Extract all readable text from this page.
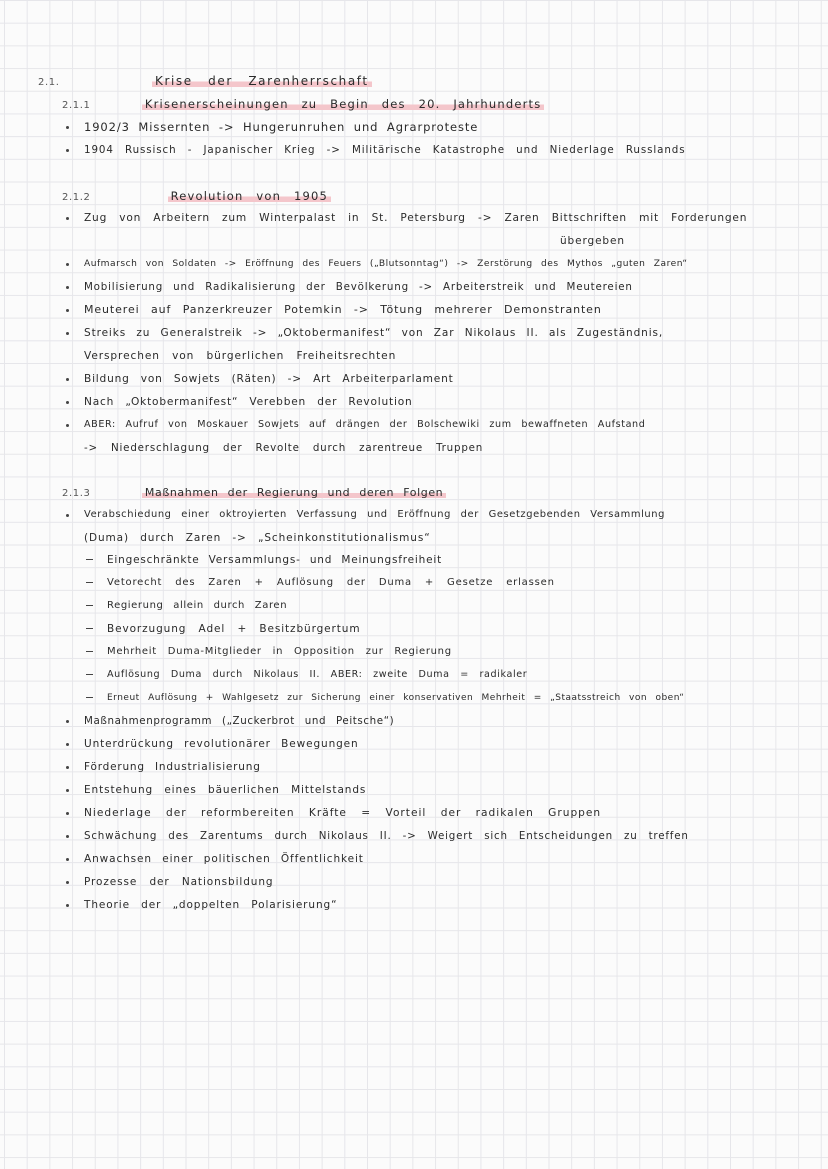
2.1.	Krise der Zarenherrschaft
2.1.1	Krisenerscheinungen zu Begin des 20. Jahrhunderts
1902/3 Missernten -> Hungerunruhen und Agrarproteste
1904 Russisch - Japanischer Krieg -> Militärische Katastrophe und Niederlage Russlands
2.1.2	Revolution von 1905
Zug von Arbeitern zum Winterpalast in St. Petersburg -> Zaren Bittschriften mit Forderungen
übergeben
Aufmarsch von Soldaten -> Eröffnung des Feuers („Blutsonntag“) -> Zerstörung des Mythos „guten Zaren“
Mobilisierung und Radikalisierung der Bevölkerung -> Arbeiterstreik und Meutereien
Meuterei auf Panzerkreuzer Potemkin -> Tötung mehrerer Demonstranten
Streiks zu Generalstreik -> „Oktobermanifest“ von Zar Nikolaus II. als Zugeständnis,
Versprechen von bürgerlichen Freiheitsrechten
Bildung von Sowjets (Räten) -> Art Arbeiterparlament
Nach „Oktobermanifest“ Verebben der Revolution
ABER: Aufruf von Moskauer Sowjets auf drängen der Bolschewiki zum bewaffneten Aufstand
-> Niederschlagung der Revolte durch zarentreue Truppen
2.1.3	Maßnahmen der Regierung und deren Folgen
Verabschiedung einer oktroyierten Verfassung und Eröffnung der Gesetzgebenden Versammlung
(Duma) durch Zaren -> „Scheinkonstitutionalismus“
Eingeschränkte Versammlungs- und Meinungsfreiheit
Vetorecht des Zaren + Auflösung der Duma + Gesetze erlassen
Regierung allein durch Zaren
Bevorzugung Adel + Besitzbürgertum
Mehrheit Duma-Mitglieder in Opposition zur Regierung
Auflösung Duma durch Nikolaus II. ABER: zweite Duma = radikaler
Erneut Auflösung + Wahlgesetz zur Sicherung einer konservativen Mehrheit = „Staatsstreich von oben“
Maßnahmenprogramm („Zuckerbrot und Peitsche“)
Unterdrückung revolutionärer Bewegungen
Förderung Industrialisierung
Entstehung eines bäuerlichen Mittelstands
Niederlage der reformbereiten Kräfte = Vorteil der radikalen Gruppen
Schwächung des Zarentums durch Nikolaus II. -> Weigert sich Entscheidungen zu treffen
Anwachsen einer politischen Öffentlichkeit
Prozesse der Nationsbildung
Theorie der „doppelten Polarisierung“
